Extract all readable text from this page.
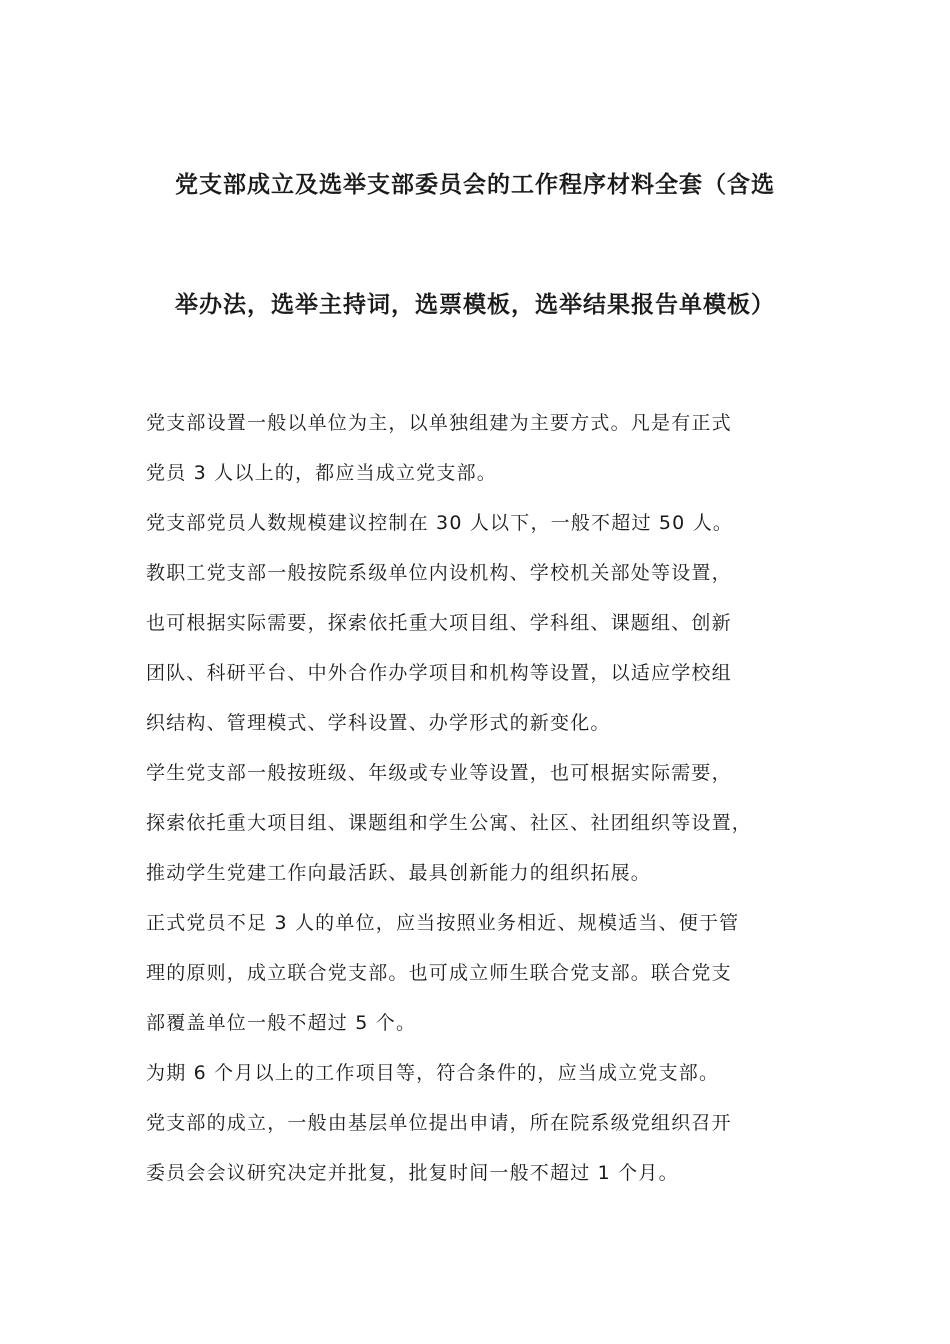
党支部成立及选举支部委员会的工作程序材料全套（含选
举办法，选举主持词，选票模板，选举结果报告单模板）

党支部设置一般以单位为主，以单独组建为主要方式。凡是有正式
党员 3 人以上的，都应当成立党支部。

党支部党员人数规模建议控制在 30 人以下，一般不超过 50 人。

教职工党支部一般按院系级单位内设机构、学校机关部处等设置，
也可根据实际需要，探索依托重大项目组、学科组、课题组、创新
团队、科研平台、中外合作办学项目和机构等设置，以适应学校组
织结构、管理模式、学科设置、办学形式的新变化。

学生党支部一般按班级、年级或专业等设置，也可根据实际需要，
探索依托重大项目组、课题组和学生公寓、社区、社团组织等设置，
推动学生党建工作向最活跃、最具创新能力的组织拓展。

正式党员不足 3 人的单位，应当按照业务相近、规模适当、便于管
理的原则，成立联合党支部。也可成立师生联合党支部。联合党支
部覆盖单位一般不超过 5 个。

为期 6 个月以上的工作项目等，符合条件的，应当成立党支部。

党支部的成立，一般由基层单位提出申请，所在院系级党组织召开
委员会会议研究决定并批复，批复时间一般不超过 1 个月。
